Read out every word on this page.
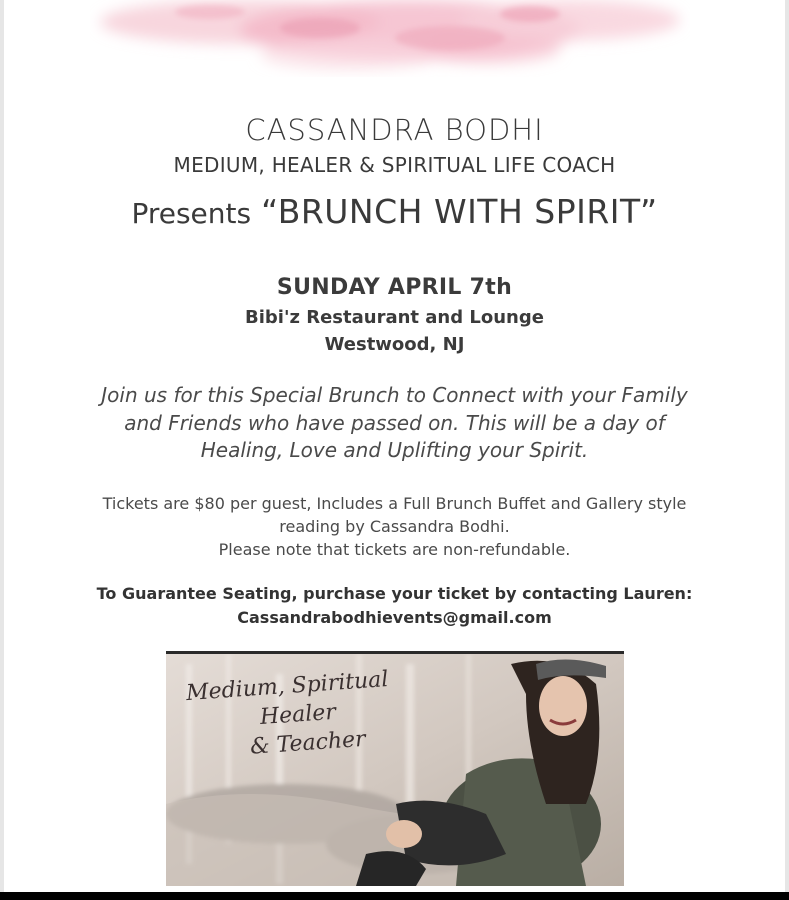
CASSANDRA BODHI
MEDIUM, HEALER & SPIRITUAL LIFE COACH
Presents “BRUNCH WITH SPIRIT”
SUNDAY APRIL 7th
Bibi'z Restaurant and Lounge
Westwood, NJ
Join us for this Special Brunch to Connect with your Family
and Friends who have passed on. This will be a day of
Healing, Love and Uplifting your Spirit.
Tickets are $80 per guest, Includes a Full Brunch Buffet and Gallery style
reading by Cassandra Bodhi.
Please note that tickets are non-refundable.
To Guarantee Seating, purchase your ticket by contacting Lauren:
Cassandrabodhievents@gmail.com
Medium, Spiritual
Healer
& Teacher
